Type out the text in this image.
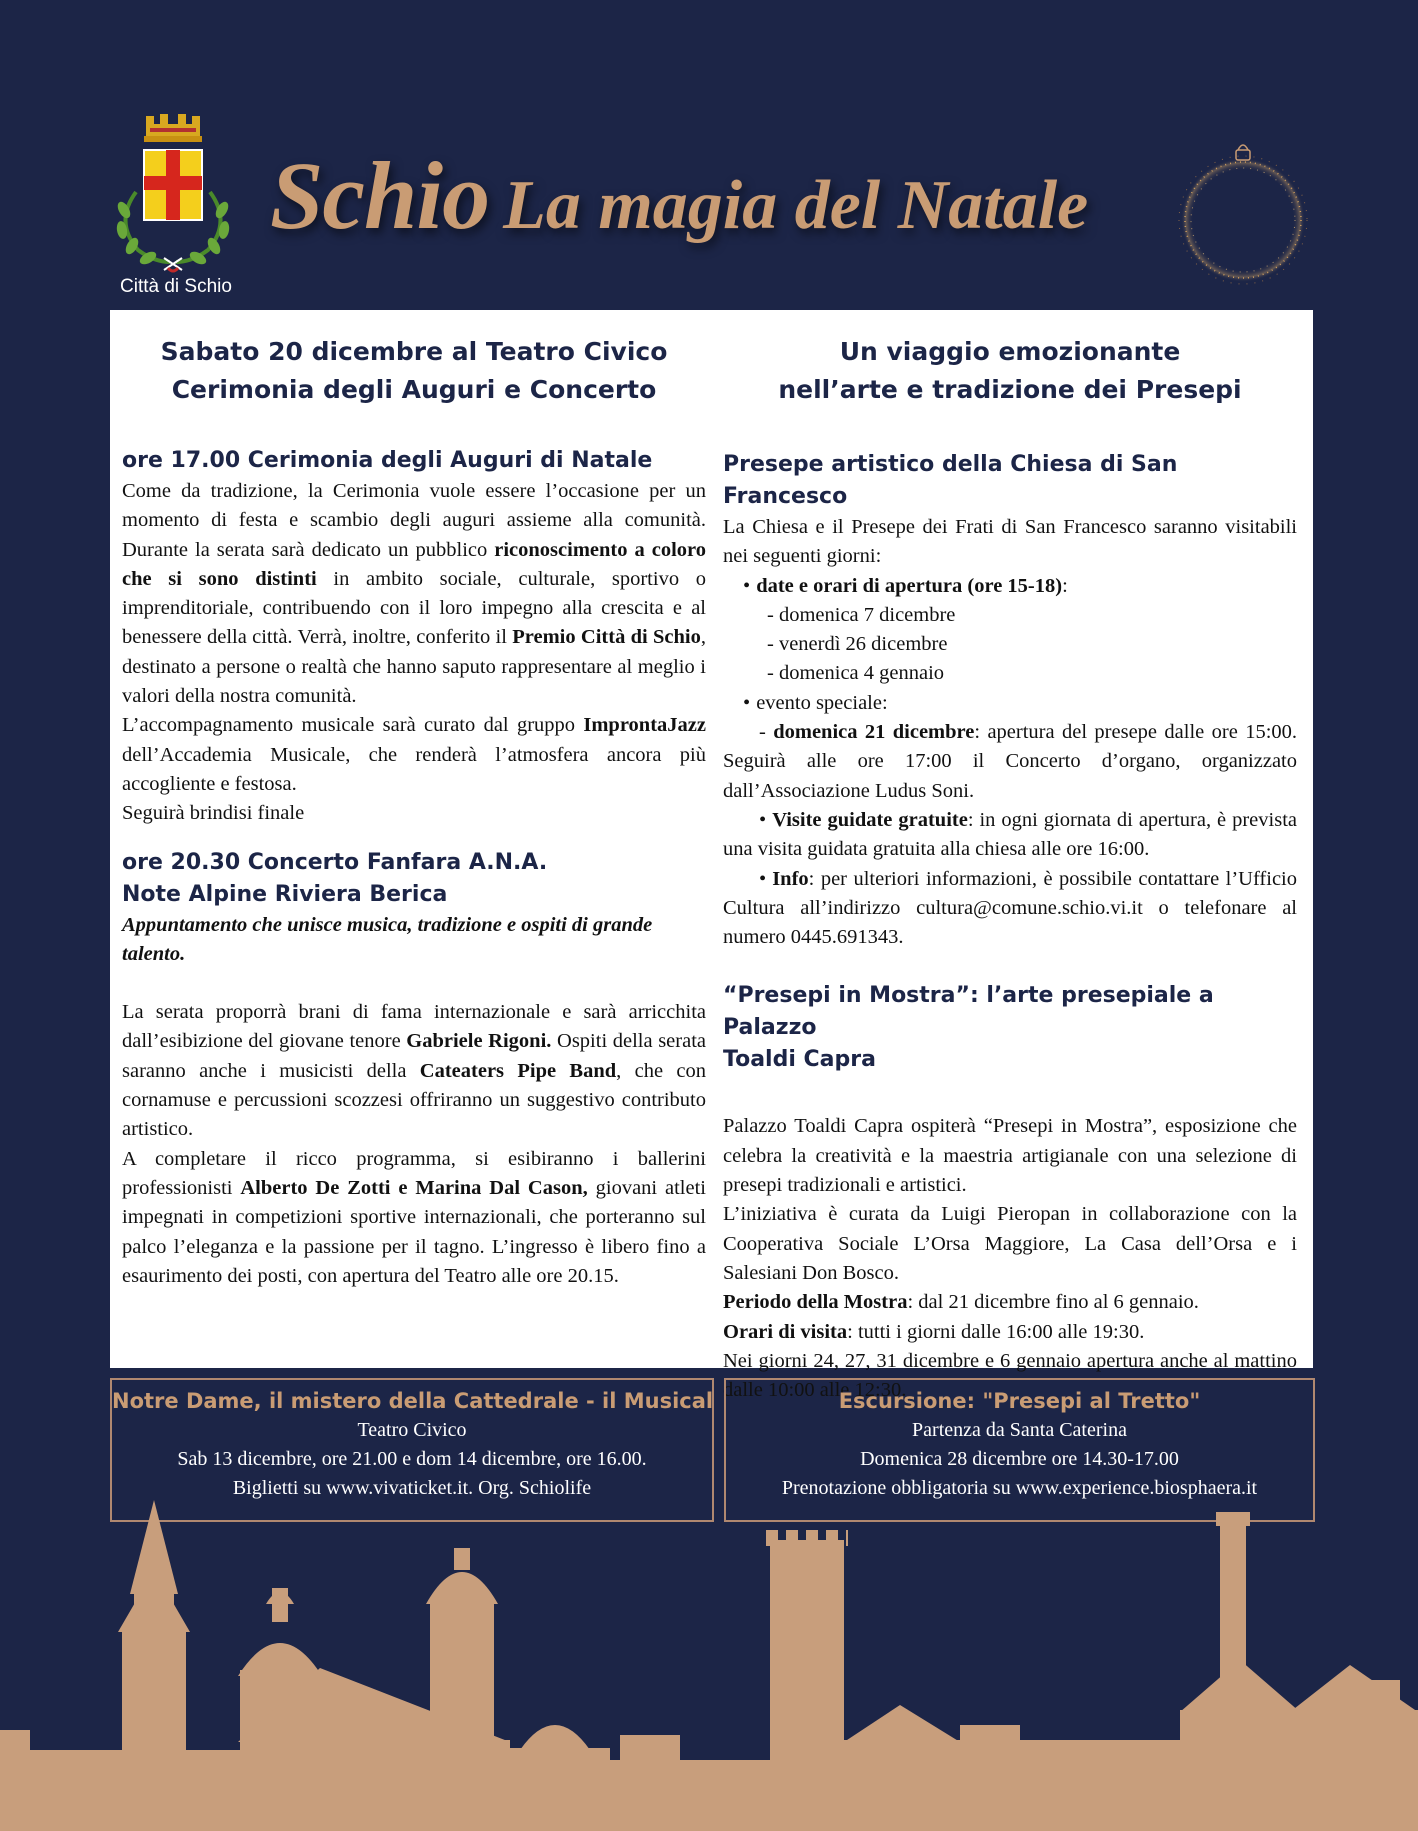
Città di Schio
Schio La magia del Natale
Sabato 20 dicembre al Teatro Civico
Cerimonia degli Auguri e Concerto

ore 17.00 Cerimonia degli Auguri di Natale

Come da tradizione, la Cerimonia vuole essere l’occasione per un momento di festa e scambio degli auguri assieme alla comunità. Durante la serata sarà dedicato un pubblico riconoscimento a coloro che si sono distinti in ambito sociale, culturale, sportivo o imprenditoriale, contribuendo con il loro impegno alla crescita e al benessere della città. Verrà, inoltre, conferito il Premio Città di Schio, destinato a persone o realtà che hanno saputo rappresentare al meglio i valori della nostra comunità.

L’accompagnamento musicale sarà curato dal gruppo ImprontaJazz dell’Accademia Musicale, che renderà l’atmosfera ancora più accogliente e festosa.

Seguirà brindisi finale

ore 20.30 Concerto Fanfara A.N.A.
Note Alpine Riviera Berica

Appuntamento che unisce musica, tradizione e ospiti di grande talento.

La serata proporrà brani di fama internazionale e sarà arricchita dall’esibizione del giovane tenore Gabriele Rigoni. Ospiti della serata saranno anche i musicisti della Cateaters Pipe Band, che con cornamuse e percussioni scozzesi offriranno un suggestivo contributo artistico.

A completare il ricco programma, si esibiranno i ballerini professionisti Alberto De Zotti e Marina Dal Cason, giovani atleti impegnati in competizioni sportive internazionali, che porteranno sul palco l’eleganza e la passione per il tagno. L’ingresso è libero fino a esaurimento dei posti, con apertura del Teatro alle ore 20.15.

Un viaggio emozionante
nell’arte e tradizione dei Presepi

Presepe artistico della Chiesa di San Francesco

La Chiesa e il Presepe dei Frati di San Francesco saranno visitabili nei seguenti giorni:

• date e orari di apertura (ore 15-18):

- domenica 7 dicembre

- venerdì 26 dicembre

- domenica 4 gennaio

• evento speciale:

- domenica 21 dicembre: apertura del presepe dalle ore 15:00. Seguirà alle ore 17:00 il Concerto d’organo, organizzato dall’Associazione Ludus Soni.

• Visite guidate gratuite: in ogni giornata di apertura, è prevista una visita guidata gratuita alla chiesa alle ore 16:00.

• Info: per ulteriori informazioni, è possibile contattare l’Ufficio Cultura all’indirizzo cultura@comune.schio.vi.it o telefonare al numero 0445.691343.

“Presepi in Mostra”: l’arte presepiale a Palazzo
Toaldi Capra

Palazzo Toaldi Capra ospiterà “Presepi in Mostra”, esposizione che celebra la creatività e la maestria artigianale con una selezione di presepi tradizionali e artistici.

L’iniziativa è curata da Luigi Pieropan in collaborazione con la Cooperativa Sociale L’Orsa Maggiore, La Casa dell’Orsa e i Salesiani Don Bosco.

Periodo della Mostra: dal 21 dicembre fino al 6 gennaio.

Orari di visita: tutti i giorni dalle 16:00 alle 19:30.

Nei giorni 24, 27, 31 dicembre e 6 gennaio apertura anche al mattino dalle 10:00 alle 12:30.

Notre Dame, il mistero della Cattedrale - il Musical
Teatro Civico
Sab 13 dicembre, ore 21.00 e dom 14 dicembre, ore 16.00.
Biglietti su www.vivaticket.it. Org. Schiolife
Escursione: "Presepi al Tretto"
Partenza da Santa Caterina
Domenica 28 dicembre ore 14.30-17.00
Prenotazione obbligatoria su www.experience.biosphaera.it
